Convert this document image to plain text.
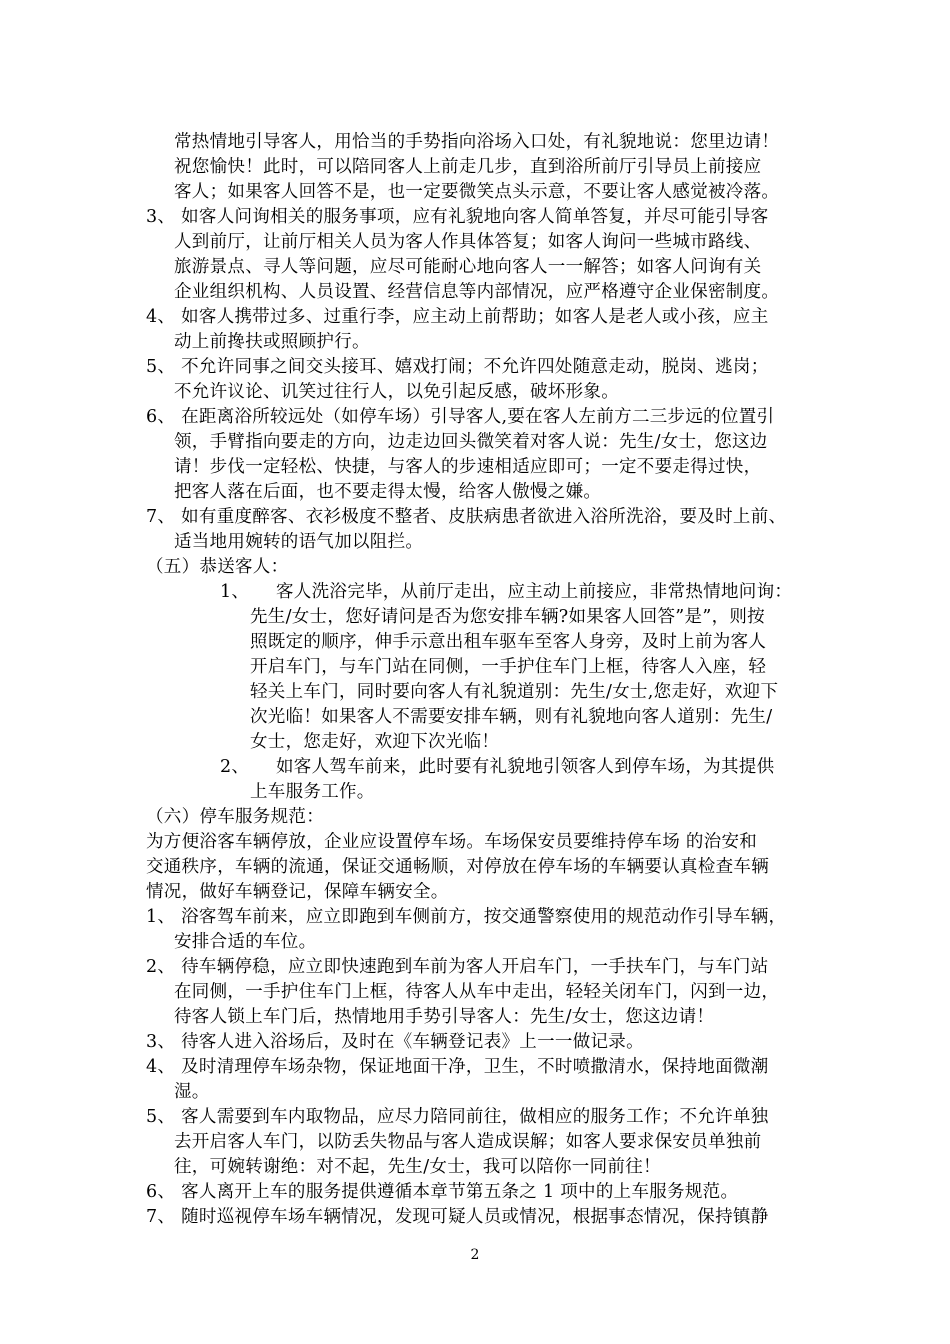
常热情地引导客人，用恰当的手势指向浴场入口处，有礼貌地说：您里边请！
祝您愉快！此时，可以陪同客人上前走几步，直到浴所前厅引导员上前接应
客人；如果客人回答不是，也一定要微笑点头示意，不要让客人感觉被冷落。
3、 如客人问询相关的服务事项，应有礼貌地向客人简单答复，并尽可能引导客
人到前厅，让前厅相关人员为客人作具体答复；如客人询问一些城市路线、
旅游景点、寻人等问题，应尽可能耐心地向客人一一解答；如客人问询有关
企业组织机构、人员设置、经营信息等内部情况，应严格遵守企业保密制度。
4、 如客人携带过多、过重行李，应主动上前帮助；如客人是老人或小孩，应主
动上前搀扶或照顾护行。
5、 不允许同事之间交头接耳、嬉戏打闹；不允许四处随意走动，脱岗、逃岗；
不允许议论、讥笑过往行人，以免引起反感，破坏形象。
6、 在距离浴所较远处（如停车场）引导客人,要在客人左前方二三步远的位置引
领，手臂指向要走的方向，边走边回头微笑着对客人说：先生/女士，您这边
请！步伐一定轻松、快捷，与客人的步速相适应即可；一定不要走得过快，
把客人落在后面，也不要走得太慢，给客人傲慢之嫌。
7、 如有重度醉客、衣衫极度不整者、皮肤病患者欲进入浴所洗浴，要及时上前、
适当地用婉转的语气加以阻拦。
（五）恭送客人：
1、 客人洗浴完毕，从前厅走出，应主动上前接应，非常热情地问询：
先生/女士，您好请问是否为您安排车辆?如果客人回答”是”，则按
照既定的顺序，伸手示意出租车驱车至客人身旁，及时上前为客人
开启车门，与车门站在同侧，一手护住车门上框，待客人入座，轻
轻关上车门，同时要向客人有礼貌道别：先生/女士,您走好，欢迎下
次光临！如果客人不需要安排车辆，则有礼貌地向客人道别：先生/
女士，您走好，欢迎下次光临！
2、 如客人驾车前来，此时要有礼貌地引领客人到停车场，为其提供
上车服务工作。
（六）停车服务规范：
为方便浴客车辆停放，企业应设置停车场。车场保安员要维持停车场 的治安和
交通秩序，车辆的流通，保证交通畅顺，对停放在停车场的车辆要认真检查车辆
情况，做好车辆登记，保障车辆安全。
1、 浴客驾车前来，应立即跑到车侧前方，按交通警察使用的规范动作引导车辆，
安排合适的车位。
2、 待车辆停稳，应立即快速跑到车前为客人开启车门，一手扶车门，与车门站
在同侧，一手护住车门上框，待客人从车中走出，轻轻关闭车门，闪到一边，
待客人锁上车门后，热情地用手势引导客人：先生/女士，您这边请！
3、 待客人进入浴场后，及时在《车辆登记表》上一一做记录。
4、 及时清理停车场杂物，保证地面干净，卫生，不时喷撒清水，保持地面微潮
湿。
5、 客人需要到车内取物品，应尽力陪同前往，做相应的服务工作；不允许单独
去开启客人车门，以防丢失物品与客人造成误解；如客人要求保安员单独前
往，可婉转谢绝：对不起，先生/女士，我可以陪你一同前往！
6、 客人离开上车的服务提供遵循本章节第五条之 1 项中的上车服务规范。
7、 随时巡视停车场车辆情况，发现可疑人员或情况，根据事态情况，保持镇静
2
